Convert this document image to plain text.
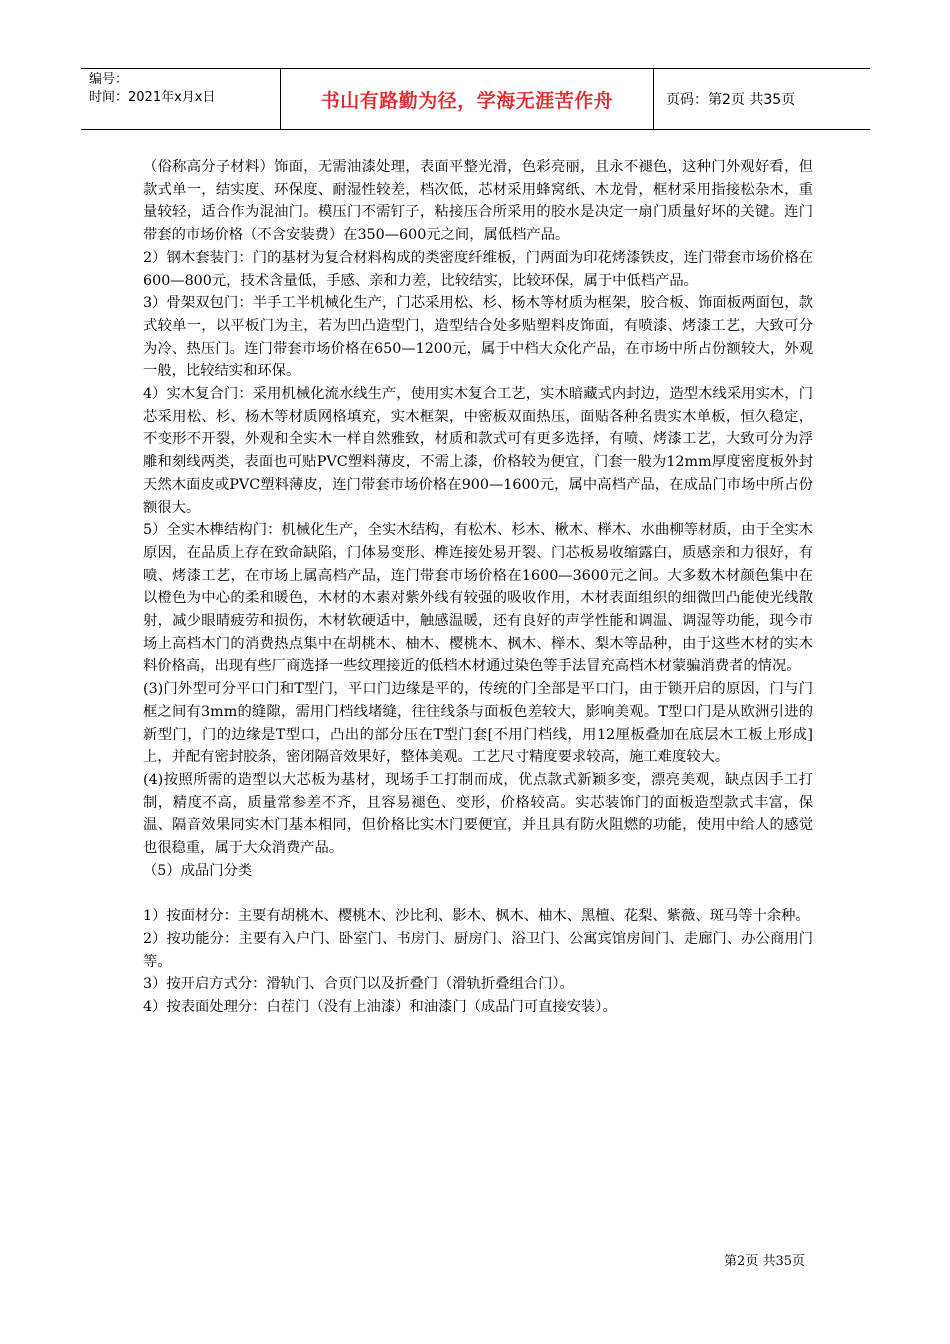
编号：
时间：2021年x月x日	书山有路勤为径，学海无涯苦作舟	页码：第2页 共35页

（俗称高分子材料）饰面，无需油漆处理，表面平整光滑，色彩亮丽，且永不褪色，这种门外观好看，但款式单一，结实度、环保度、耐湿性较差，档次低，芯材采用蜂窝纸、木龙骨，框材采用指接松杂木，重量较轻，适合作为混油门。模压门不需钉子，粘接压合所采用的胶水是决定一扇门质量好坏的关键。连门带套的市场价格（不含安装费）在350—600元之间，属低档产品。

2）钢木套装门：门的基材为复合材料构成的类密度纤维板，门两面为印花烤漆铁皮，连门带套市场价格在600—800元，技术含量低，手感、亲和力差，比较结实，比较环保，属于中低档产品。

3）骨架双包门：半手工半机械化生产，门芯采用松、杉、杨木等材质为框架，胶合板、饰面板两面包，款式较单一，以平板门为主，若为凹凸造型门，造型结合处多贴塑料皮饰面，有喷漆、烤漆工艺，大致可分为冷、热压门。连门带套市场价格在650—1200元，属于中档大众化产品，在市场中所占份额较大，外观一般，比较结实和环保。

4）实木复合门：采用机械化流水线生产，使用实木复合工艺，实木暗藏式内封边，造型木线采用实木，门芯采用松、杉、杨木等材质网格填充，实木框架，中密板双面热压，面贴各种名贵实木单板，恒久稳定，不变形不开裂，外观和全实木一样自然雅致，材质和款式可有更多选择，有喷、烤漆工艺，大致可分为浮雕和刻线两类，表面也可贴PVC塑料薄皮，不需上漆，价格较为便宜，门套一般为12mm厚度密度板外封天然木面皮或PVC塑料薄皮，连门带套市场价格在900—1600元，属中高档产品，在成品门市场中所占份额很大。

5）全实木榫结构门：机械化生产，全实木结构，有松木、杉木、楸木、榉木、水曲柳等材质，由于全实木原因，在品质上存在致命缺陷，门体易变形、榫连接处易开裂、门芯板易收缩露白，质感亲和力很好，有喷、烤漆工艺，在市场上属高档产品，连门带套市场价格在1600—3600元之间。大多数木材颜色集中在以橙色为中心的柔和暖色，木材的木素对紫外线有较强的吸收作用，木材表面组织的细微凹凸能使光线散射，减少眼睛疲劳和损伤，木材软硬适中，触感温暖，还有良好的声学性能和调温、调湿等功能，现今市场上高档木门的消费热点集中在胡桃木、柚木、樱桃木、枫木、榉木、梨木等品种，由于这些木材的实木料价格高，出现有些厂商选择一些纹理接近的低档木材通过染色等手法冒充高档木材蒙骗消费者的情况。

(3)门外型可分平口门和T型门，平口门边缘是平的，传统的门全部是平口门，由于锁开启的原因，门与门框之间有3mm的缝隙，需用门档线堵缝，往往线条与面板色差较大，影响美观。T型口门是从欧洲引进的新型门，门的边缘是T型口，凸出的部分压在T型门套[不用门档线，用12厘板叠加在底层木工板上形成]上，并配有密封胶条，密闭隔音效果好，整体美观。工艺尺寸精度要求较高，施工难度较大。

(4)按照所需的造型以大芯板为基材，现场手工打制而成，优点款式新颖多变，漂亮美观，缺点因手工打制，精度不高，质量常参差不齐，且容易褪色、变形，价格较高。实芯装饰门的面板造型款式丰富，保温、隔音效果同实木门基本相同，但价格比实木门要便宜，并且具有防火阻燃的功能，使用中给人的感觉也很稳重，属于大众消费产品。

（5）成品门分类

1）按面材分：主要有胡桃木、樱桃木、沙比利、影木、枫木、柚木、黑檀、花梨、紫薇、斑马等十余种。

2）按功能分：主要有入户门、卧室门、书房门、厨房门、浴卫门、公寓宾馆房间门、走廊门、办公商用门等。

3）按开启方式分：滑轨门、合页门以及折叠门（滑轨折叠组合门）。

4）按表面处理分：白茬门（没有上油漆）和油漆门（成品门可直接安装）。

第2页 共35页
